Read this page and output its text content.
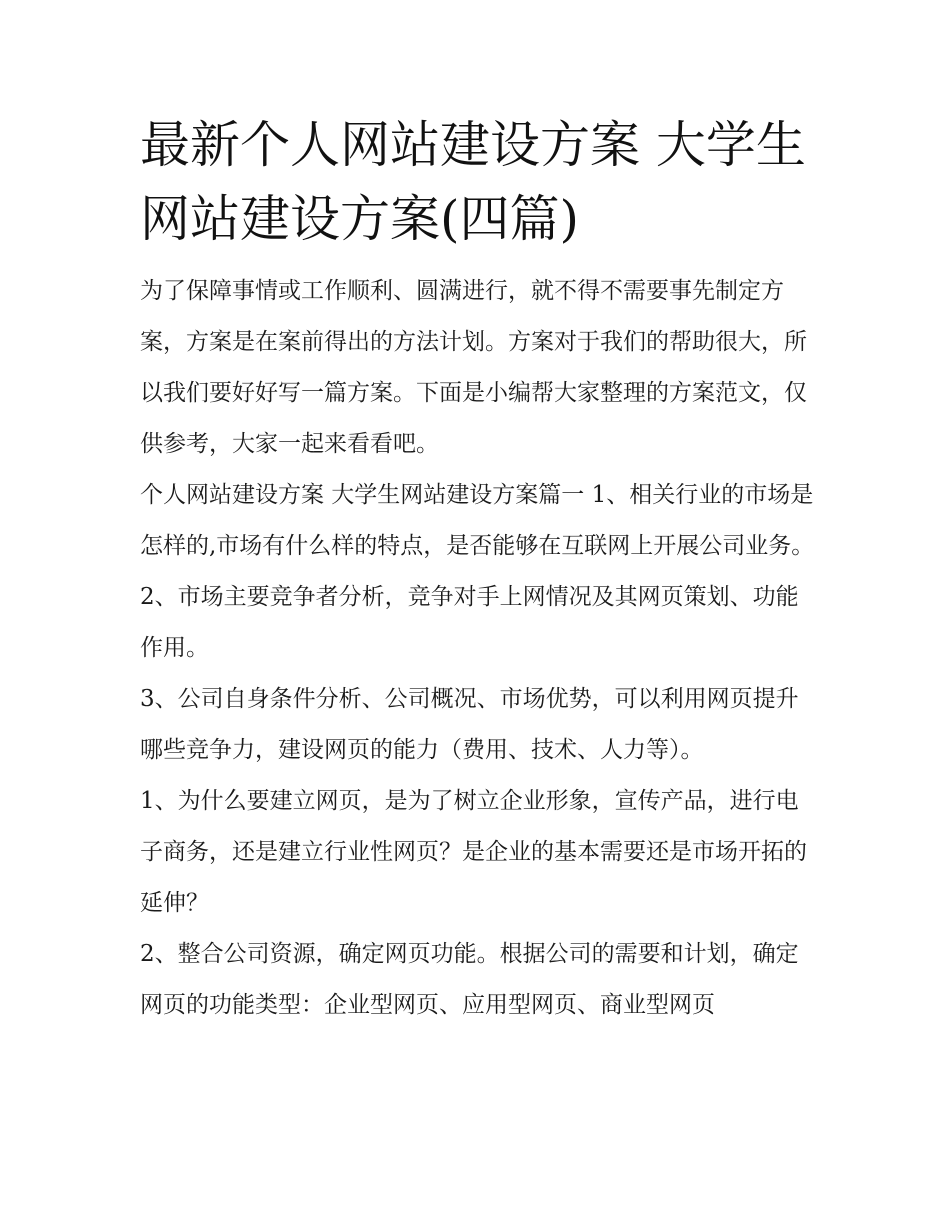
最新个人网站建设方案 大学生网站建设方案(四篇)

为了保障事情或工作顺利、圆满进行，就不得不需要事先制定方案，方案是在案前得出的方法计划。方案对于我们的帮助很大，所以我们要好好写一篇方案。下面是小编帮大家整理的方案范文，仅供参考，大家一起来看看吧。

个人网站建设方案 大学生网站建设方案篇一 1、相关行业的市场是怎样的,市场有什么样的特点，是否能够在互联网上开展公司业务。

2、市场主要竞争者分析，竞争对手上网情况及其网页策划、功能作用。

3、公司自身条件分析、公司概况、市场优势，可以利用网页提升哪些竞争力，建设网页的能力（费用、技术、人力等）。

1、为什么要建立网页，是为了树立企业形象，宣传产品，进行电子商务，还是建立行业性网页？是企业的基本需要还是市场开拓的延伸？

2、整合公司资源，确定网页功能。根据公司的需要和计划，确定网页的功能类型：企业型网页、应用型网页、商业型网页
